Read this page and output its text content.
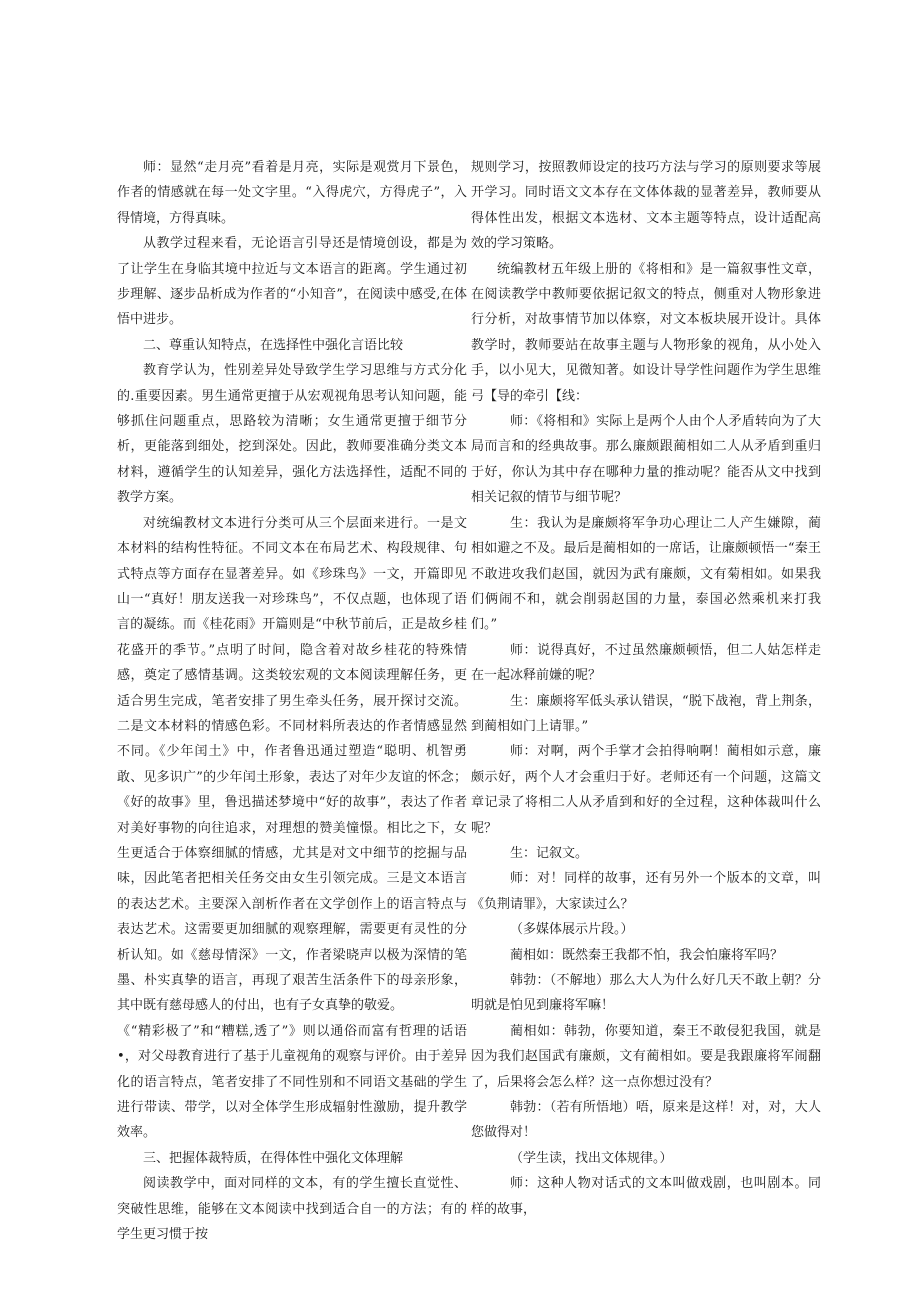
师：显然“走月亮”看着是月亮，实际是观赏月下景色，作者的情感就在每一处文字里。“入得虎穴，方得虎子”，入得情境，方得真味。

从教学过程来看，无论语言引导还是情境创设，都是为了让学生在身临其境中拉近与文本语言的距离。学生通过初步理解、逐步品析成为作者的“小知音”，在阅读中感受,在体悟中进步。

二、尊重认知特点，在选择性中强化言语比较

教育学认为，性别差异处导致学生学习思维与方式分化的.重要因素。男生通常更擅于从宏观视角思考认知问题，能够抓住问题重点，思路较为清晰；女生通常更擅于细节分析，更能落到细处，挖到深处。因此，教师要准确分类文本材料，遵循学生的认知差异，强化方法选择性，适配不同的教学方案。

对统编教材文本进行分类可从三个层面来进行。一是文本材料的结构性特征。不同文本在布局艺术、构段规律、句式特点等方面存在显著差异。如《珍珠鸟》一文，开篇即见山一“真好！朋友送我一对珍珠鸟”，不仅点题，也体现了语言的凝练。而《桂花雨》开篇则是“中秋节前后，正是故乡桂花盛开的季节。”点明了时间，隐含着对故乡桂花的特殊情感，奠定了感情基调。这类较宏观的文本阅读理解任务，更适合男生完成，笔者安排了男生牵头任务，展开探讨交流。二是文本材料的情感色彩。不同材料所表达的作者情感显然不同。《少年闰土》中，作者鲁迅通过塑造“聪明、机智勇敢、见多识广”的少年闰土形象，表达了对年少友谊的怀念；《好的故事》里，鲁迅描述梦境中“好的故事”，表达了作者对美好事物的向往追求，对理想的赞美憧憬。相比之下，女生更适合于体察细腻的情感，尤其是对文中细节的挖掘与品味，因此笔者把相关任务交由女生引领完成。三是文本语言的表达艺术。主要深入剖析作者在文学创作上的语言特点与表达艺术。这需要更加细腻的观察理解，需要更有灵性的分析认知。如《慈母情深》一文，作者梁晓声以极为深情的笔墨、朴实真挚的语言，再现了艰苦生活条件下的母亲形象，其中既有慈母感人的付出，也有子女真挚的敬爱。

《“精彩极了”和“糟糕,透了”》则以通俗而富有哲理的话语•，对父母教育进行了基于儿童视角的观察与评价。由于差异化的语言特点，笔者安排了不同性别和不同语文基础的学生进行带读、带学，以对全体学生形成辐射性激励，提升教学效率。

三、把握体裁特质，在得体性中强化文体理解

阅读教学中，面对同样的文本，有的学生擅长直觉性、突破性思维，能够在文本阅读中找到适合自一的方法；有的学生更习惯于按

规则学习，按照教师设定的技巧方法与学习的原则要求等展开学习。同时语文文本存在文体体裁的显著差异，教师要从得体性出发，根据文本选材、文本主题等特点，设计适配高效的学习策略。

统编教材五年级上册的《将相和》是一篇叙事性文章，在阅读教学中教师要依据记叙文的特点，侧重对人物形象进行分析，对故事情节加以体察，对文本板块展开设计。具体教学时，教师要站在故事主题与人物形象的视角，从小处入手，以小见大，见微知著。如设计导学性问题作为学生思维弓【导的牵引【线：

师：《将相和》实际上是两个人由个人矛盾转向为了大局而言和的经典故事。那么廉颇跟蔺相如二人从矛盾到重归于好，你认为其中存在哪种力量的推动呢？能否从文中找到相关记叙的情节与细节呢？

生：我认为是廉颇将军争功心理让二人产生嫌隙，蔺相如避之不及。最后是蔺相如的一席话，让廉颇顿悟一“秦王不敢进攻我们赵国，就因为武有廉颇，文有菊相如。如果我们俩闹不和，就会削弱赵国的力量，泰国必然乘机来打我们。”

师：说得真好，不过虽然廉颇顿悟，但二人姑怎样走在一起冰释前嫌的呢？

生：廉颇将军低头承认错误，“脱下战袍，背上荆条，到蔺相如门上请罪。”

师：对啊，两个手掌才会拍得响啊！蔺相如示意，廉颇示好，两个人才会重归于好。老师还有一个问题，这篇文章记录了将相二人从矛盾到和好的全过程，这种体裁叫什么呢？

生：记叙文。

师：对！同样的故事，还有另外一个版本的文章，叫《负荆请罪》，大家读过么？

（多媒体展示片段。）

蔺相如：既然秦王我都不怕，我会怕廉将军吗？

韩勃：（不解地）那么大人为什么好几天不敢上朝？分明就是怕见到廉将军嘛！

蔺相如：韩勃，你要知道，秦王不敢侵犯我国，就是因为我们赵国武有廉颇，文有蔺相如。要是我跟廉将军闹翻了，后果将会怎么样？这一点你想过没有？

韩勃：（若有所悟地）唔，原来是这样！对，对，大人您做得对！

（学生读，找出文体规律。）

师：这种人物对话式的文本叫做戏剧，也叫剧本。同样的故事，
